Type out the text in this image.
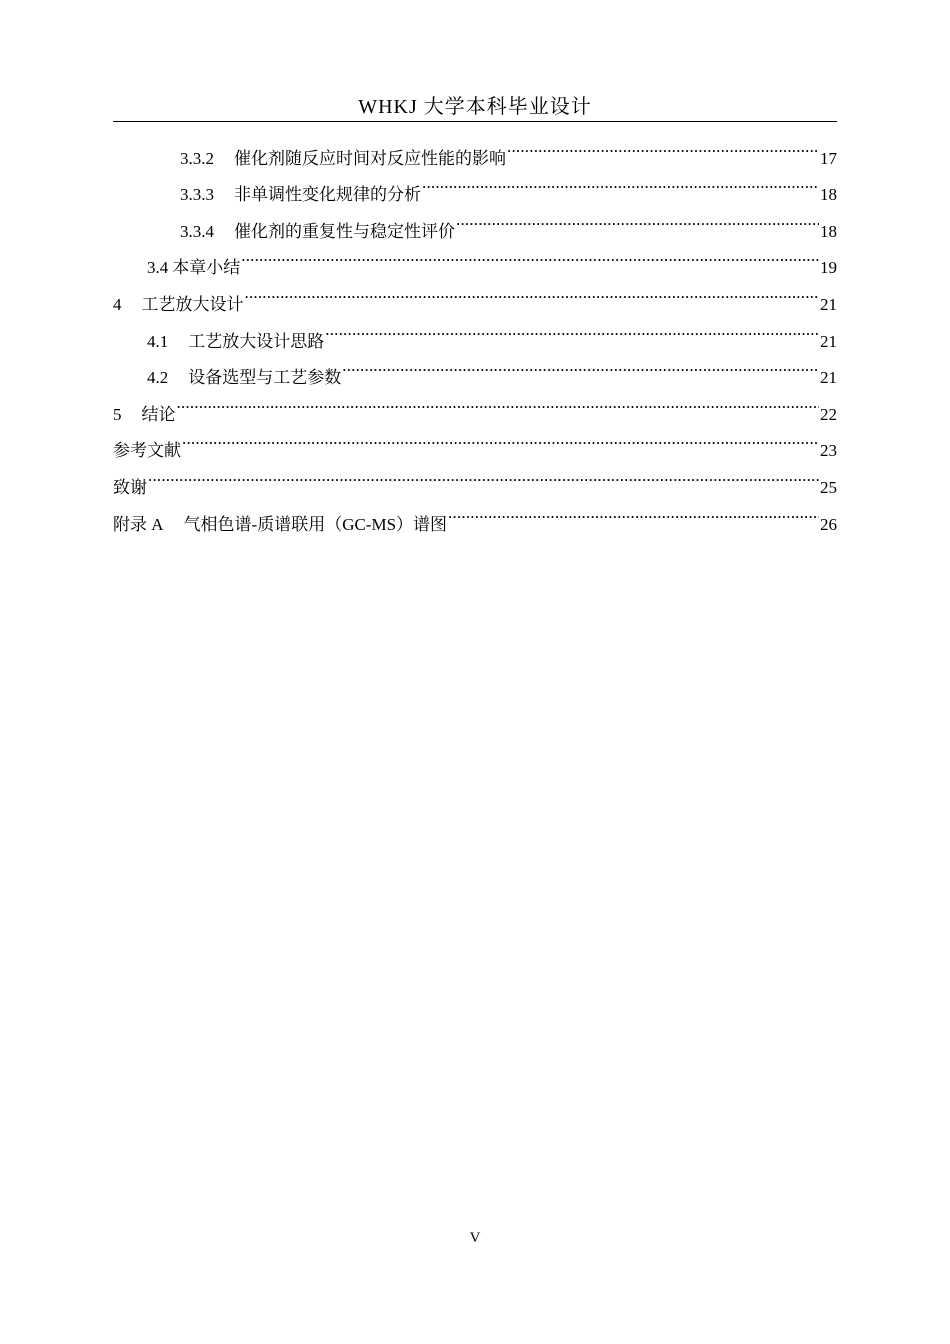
WHKJ 大学本科毕业设计
3.3.2 催化剂随反应时间对反应性能的影响 .....	17
3.3.3 非单调性变化规律的分析 .....	18
3.3.4 催化剂的重复性与稳定性评价 .....	18
3.4 本章小结 .....	19
4 工艺放大设计 .....	21
4.1 工艺放大设计思路 .....	21
4.2 设备选型与工艺参数 .....	21
5 结论 .....	22
参考文献 .....	23
致谢 .....	25
附录 A 气相色谱-质谱联用（GC-MS）谱图 .....	26
V
